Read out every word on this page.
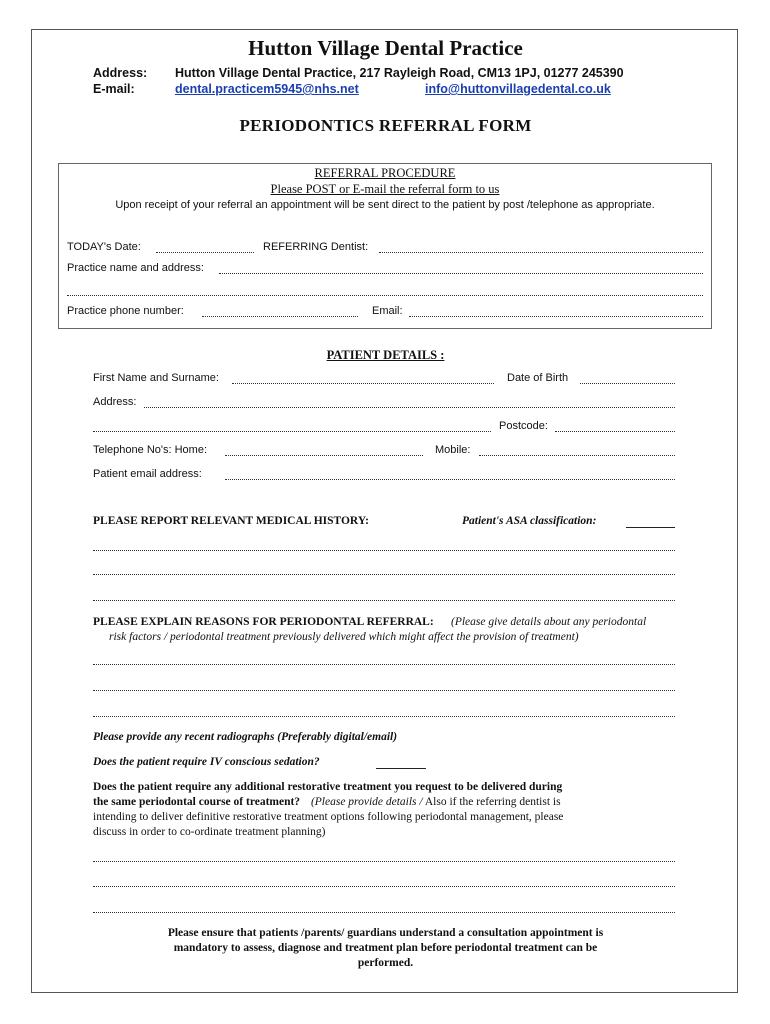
Hutton Village Dental Practice
Address: Hutton Village Dental Practice, 217 Rayleigh Road, CM13 1PJ, 01277 245390
E-mail:	dental.practicem5945@nhs.net	info@huttonvillagedental.co.uk
PERIODONTICS REFERRAL FORM
REFERRAL PROCEDURE
Please POST or E-mail the referral form to us
Upon receipt of your referral an appointment will be sent direct to the patient by post /telephone as appropriate.
TODAY's Date:	REFERRING Dentist:
Practice name and address:
Practice phone number:	Email:
PATIENT DETAILS :
First Name and Surname:	Date of Birth
Address:
Postcode:
Telephone No's: Home:	Mobile:
Patient email address:
PLEASE REPORT RELEVANT MEDICAL HISTORY:	Patient's ASA classification:
PLEASE EXPLAIN REASONS FOR PERIODONTAL REFERRAL: (Please give details about any periodontal
risk factors / periodontal treatment previously delivered which might affect the provision of treatment)
Please provide any recent radiographs (Preferably digital/email)
Does the patient require IV conscious sedation?
Does the patient require any additional restorative treatment you request to be delivered during
the same periodontal course of treatment? (Please provide details / Also if the referring dentist is
intending to deliver definitive restorative treatment options following periodontal management, please
discuss in order to co-ordinate treatment planning)
Please ensure that patients /parents/ guardians understand a consultation appointment is
mandatory to assess, diagnose and treatment plan before periodontal treatment can be
performed.
